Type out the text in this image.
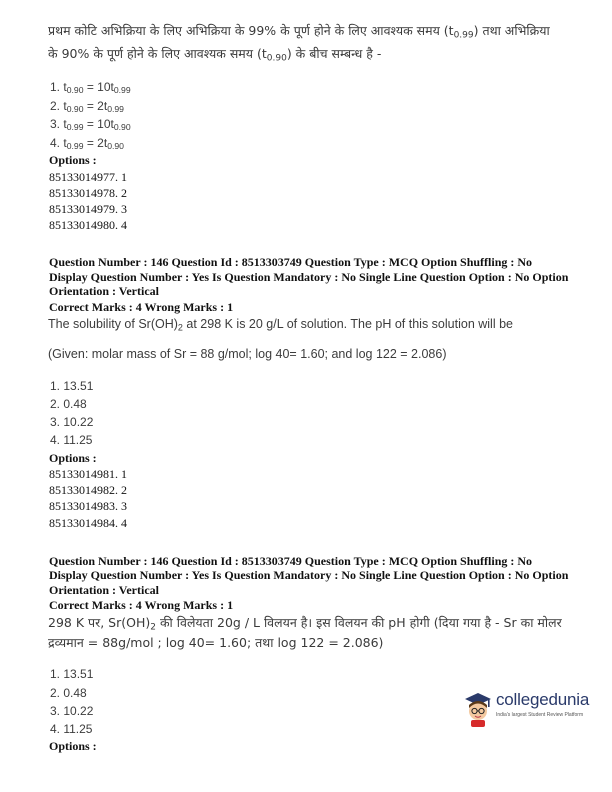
प्रथम कोटि अभिक्रिया के लिए अभिक्रिया के 99% के पूर्ण होने के लिए आवश्यक समय $(t_{0.99})$ तथा अभिक्रिया
के 90% के पूर्ण होने के लिए आवश्यक समय $(t_{0.90})$ के बीच सम्बन्ध है -
1. $t_{0.90} = 10t_{0.99}$
2. $t_{0.90} = 2t_{0.99}$
3. $t_{0.99} = 10t_{0.90}$
4. $t_{0.99} = 2t_{0.90}$
Options :
85133014977. 1
85133014978. 2
85133014979. 3
85133014980. 4
Question Number : 146 Question Id : 8513303749 Question Type : MCQ Option Shuffling : No
Display Question Number : Yes Is Question Mandatory : No Single Line Question Option : No Option
Orientation : Vertical
Correct Marks : 4 Wrong Marks : 1
The solubility of $Sr(OH)_2$ at 298 K is 20 g/L of solution. The pH of this solution will be
(Given: molar mass of Sr = 88 g/mol; log 40= 1.60; and log 122 = 2.086)
1. 13.51
2. 0.48
3. 10.22
4. 11.25
Options :
85133014981. 1
85133014982. 2
85133014983. 3
85133014984. 4
Question Number : 146 Question Id : 8513303749 Question Type : MCQ Option Shuffling : No
Display Question Number : Yes Is Question Mandatory : No Single Line Question Option : No Option
Orientation : Vertical
Correct Marks : 4 Wrong Marks : 1
298 K पर, $Sr(OH)_2$ की विलेयता 20g / L विलयन है। इस विलयन की pH होगी (दिया गया है - Sr का मोलर
द्रव्यमान = 88g/mol ; log 40= 1.60; तथा log 122 = 2.086)
1. 13.51
2. 0.48
3. 10.22
4. 11.25
Options :
collegedunia
India's largest Student Review Platform
